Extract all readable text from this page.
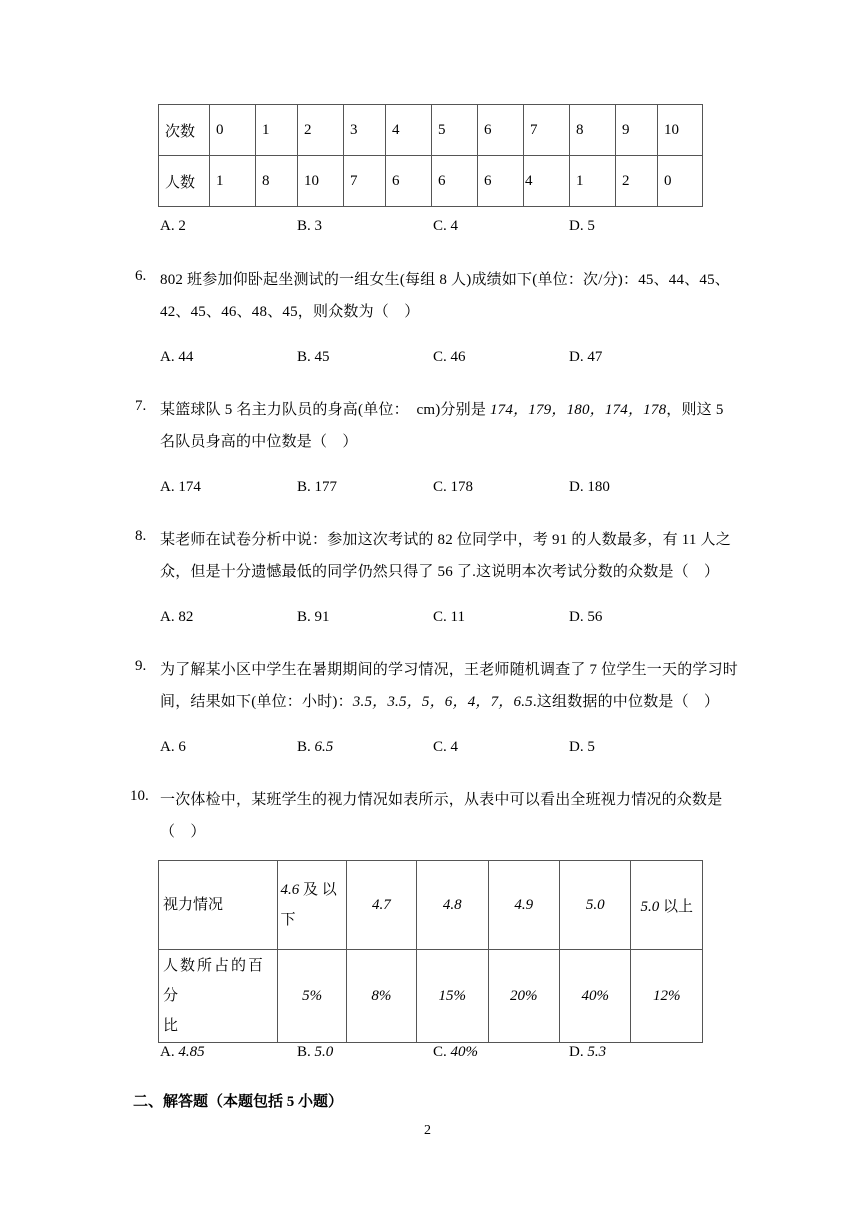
次数	0	1	2	3	4	5	6	7	8	9	10
人数	1	8	10	7	6	6	6	4	1	2	0
A. 2	B. 3	C. 4	D. 5
6. 802 班参加仰卧起坐测试的一组女生(每组 8 人)成绩如下(单位：次/分)：45、44、45、
42、45、46、48、45，则众数为（　）
A. 44	B. 45	C. 46	D. 47
7. 某篮球队 5 名主力队员的身高(单位：　cm)分别是 174，179，180，174，178，则这 5
名队员身高的中位数是（　）
A. 174	B. 177	C. 178	D. 180
8. 某老师在试卷分析中说：参加这次考试的 82 位同学中，考 91 的人数最多，有 11 人之
众，但是十分遗憾最低的同学仍然只得了 56 了.这说明本次考试分数的众数是（　）
A. 82	B. 91	C. 11	D. 56
9. 为了解某小区中学生在暑期期间的学习情况，王老师随机调查了 7 位学生一天的学习时
间，结果如下(单位：小时)：3.5，3.5，5，6，4，7，6.5.这组数据的中位数是（　）
A. 6	B. 6.5	C. 4	D. 5
10. 一次体检中，某班学生的视力情况如表所示，从表中可以看出全班视力情况的众数是
（　）
视力情况	4.6 及 以
下	4.7	4.8	4.9	5.0	5.0 以上
人数所占的百分
比	5%	8%	15%	20%	40%	12%
A. 4.85	B. 5.0	C. 40%	D. 5.3
二、解答题（本题包括 5 小题）
2
